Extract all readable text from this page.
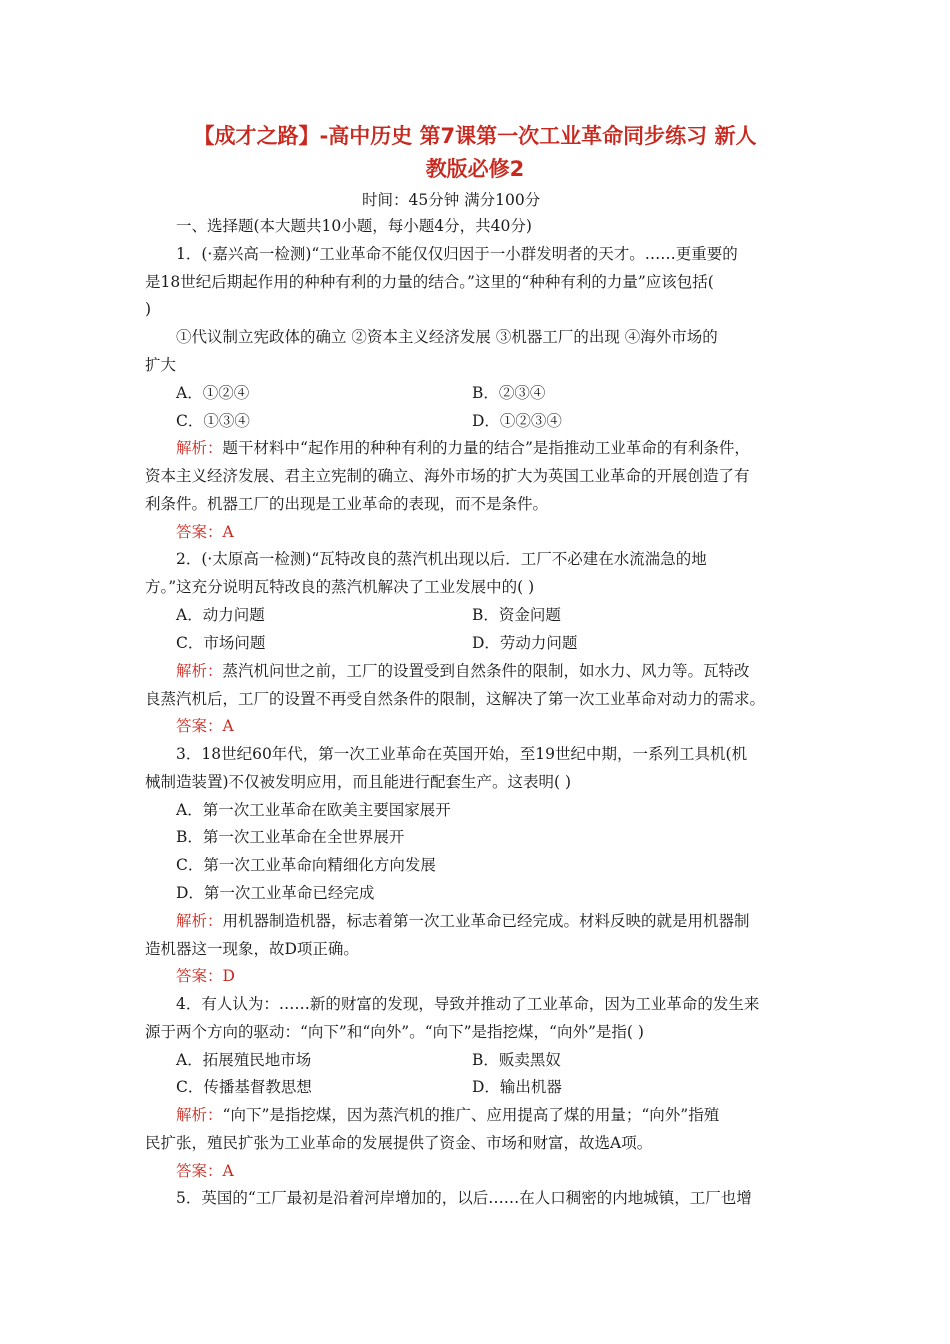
【成才之路】-高中历史 第7课第一次工业革命同步练习 新人
教版必修2
时间：45分钟 满分100分
一、选择题(本大题共10小题，每小题4分，共40分)
1．(·嘉兴高一检测)“工业革命不能仅仅归因于一小群发明者的天才。……更重要的
是18世纪后期起作用的种种有利的力量的结合。”这里的“种种有利的力量”应该包括(
)
①代议制立宪政体的确立 ②资本主义经济发展 ③机器工厂的出现 ④海外市场的
扩大
A．①②④	B．②③④
C．①③④	D．①②③④
解析：题干材料中“起作用的种种有利的力量的结合”是指推动工业革命的有利条件，
资本主义经济发展、君主立宪制的确立、海外市场的扩大为英国工业革命的开展创造了有
利条件。机器工厂的出现是工业革命的表现，而不是条件。
答案：A
2．(·太原高一检测)“瓦特改良的蒸汽机出现以后．工厂不必建在水流湍急的地
方。”这充分说明瓦特改良的蒸汽机解决了工业发展中的( )
A．动力问题	B．资金问题
C．市场问题	D．劳动力问题
解析：蒸汽机问世之前，工厂的设置受到自然条件的限制，如水力、风力等。瓦特改
良蒸汽机后，工厂的设置不再受自然条件的限制，这解决了第一次工业革命对动力的需求。
答案：A
3．18世纪60年代，第一次工业革命在英国开始，至19世纪中期，一系列工具机(机
械制造装置)不仅被发明应用，而且能进行配套生产。这表明( )
A．第一次工业革命在欧美主要国家展开
B．第一次工业革命在全世界展开
C．第一次工业革命向精细化方向发展
D．第一次工业革命已经完成
解析：用机器制造机器，标志着第一次工业革命已经完成。材料反映的就是用机器制
造机器这一现象，故D项正确。
答案：D
4．有人认为：……新的财富的发现，导致并推动了工业革命，因为工业革命的发生来
源于两个方向的驱动：“向下”和“向外”。“向下”是指挖煤，“向外”是指( )
A．拓展殖民地市场	B．贩卖黑奴
C．传播基督教思想	D．输出机器
解析：“向下”是指挖煤，因为蒸汽机的推广、应用提高了煤的用量；“向外”指殖
民扩张，殖民扩张为工业革命的发展提供了资金、市场和财富，故选A项。
答案：A
5．英国的“工厂最初是沿着河岸增加的，以后……在人口稠密的内地城镇，工厂也增
